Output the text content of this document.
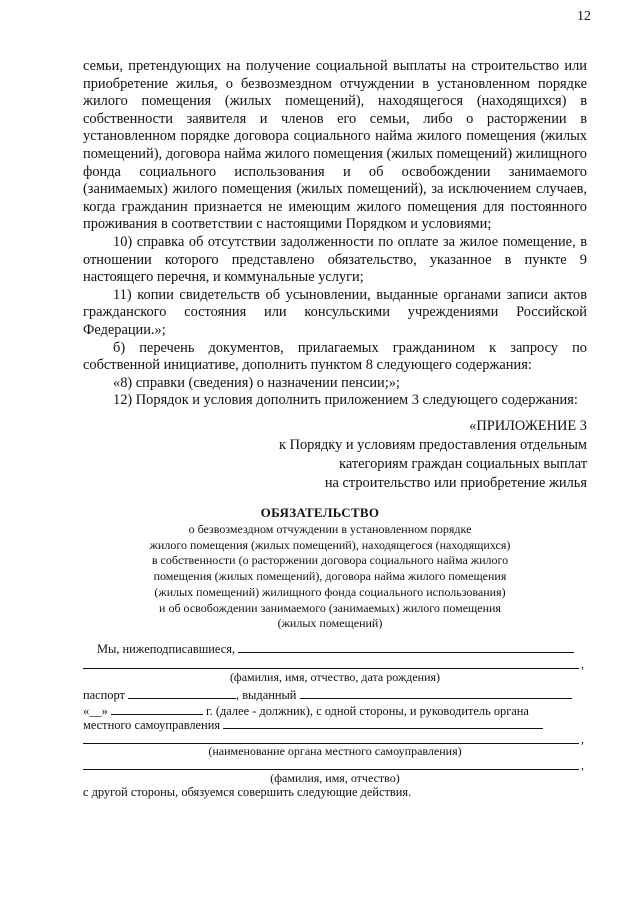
12

семьи, претендующих на получение социальной выплаты на строительство или приобретение жилья, о безвозмездном отчуждении в установленном порядке жилого помещения (жилых помещений), находящегося (находящихся) в собственности заявителя и членов его семьи, либо о расторжении в установленном порядке договора социального найма жилого помещения (жилых помещений), договора найма жилого помещения (жилых помещений) жилищного фонда социального использования и об освобождении занимаемого (занимаемых) жилого помещения (жилых помещений), за исключением случаев, когда гражданин признается не имеющим жилого помещения для постоянного проживания в соответствии с настоящими Порядком и условиями;

10) справка об отсутствии задолженности по оплате за жилое помещение, в отношении которого представлено обязательство, указанное в пункте 9 настоящего перечня, и коммунальные услуги;

11) копии свидетельств об усыновлении, выданные органами записи актов гражданского состояния или консульскими учреждениями Российской Федерации.»;

б) перечень документов, прилагаемых гражданином к запросу по собственной инициативе, дополнить пунктом 8 следующего содержания:

«8) справки (сведения) о назначении пенсии;»;

12) Порядок и условия дополнить приложением 3 следующего содержания:

«ПРИЛОЖЕНИЕ 3
к Порядку и условиям предоставления отдельным
категориям граждан социальных выплат
на строительство или приобретение жилья
ОБЯЗАТЕЛЬСТВО
о безвозмездном отчуждении в установленном порядке
жилого помещения (жилых помещений), находящегося (находящихся)
в собственности (о расторжении договора социального найма жилого
помещения (жилых помещений), договора найма жилого помещения
(жилых помещений) жилищного фонда социального использования)
и об освобождении занимаемого (занимаемых) жилого помещения
(жилых помещений)
Мы, нижеподписавшиеся,
,
(фамилия, имя, отчество, дата рождения)
паспорт	, выданный
«__»	г. (далее - должник), с одной стороны, и руководитель органа
местного самоуправления
,
(наименование органа местного самоуправления)
,
(фамилия, имя, отчество)
с другой стороны, обязуемся совершить следующие действия.
